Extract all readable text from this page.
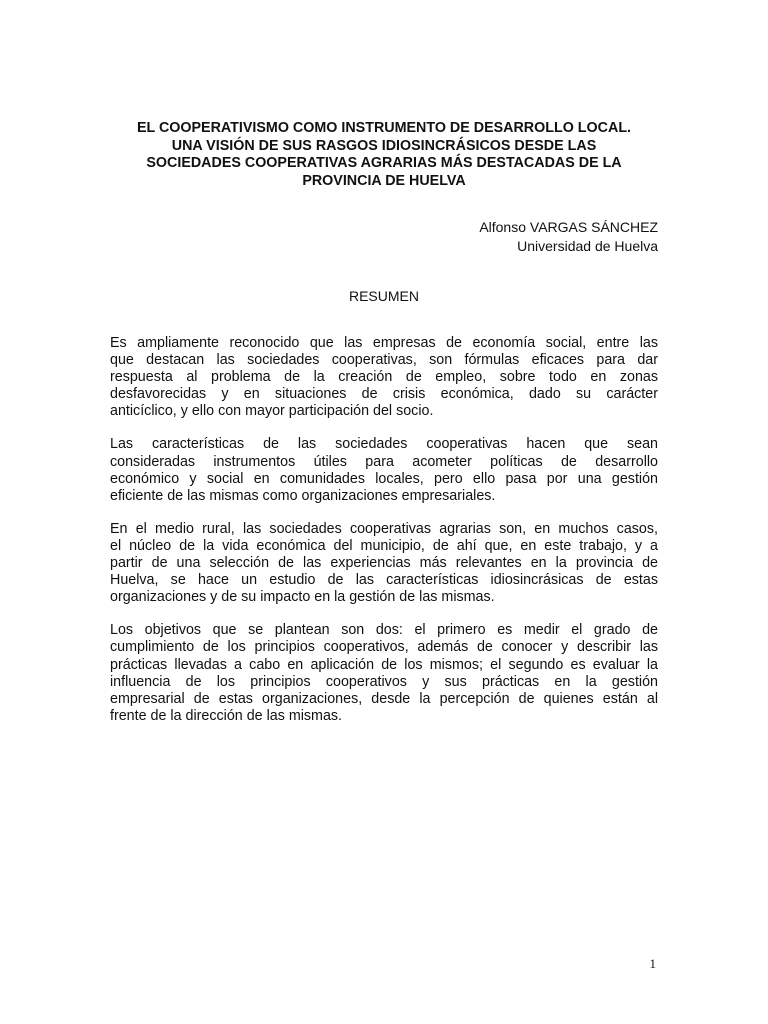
EL COOPERATIVISMO COMO INSTRUMENTO DE DESARROLLO LOCAL.
UNA VISIÓN DE SUS RASGOS IDIOSINCRÁSICOS DESDE LAS
SOCIEDADES COOPERATIVAS AGRARIAS MÁS DESTACADAS DE LA
PROVINCIA DE HUELVA
Alfonso VARGAS SÁNCHEZ
Universidad de Huelva
RESUMEN

Es ampliamente reconocido que las empresas de economía social, entre las
que destacan las sociedades cooperativas, son fórmulas eficaces para dar
respuesta al problema de la creación de empleo, sobre todo en zonas
desfavorecidas y en situaciones de crisis económica, dado su carácter
anticíclico, y ello con mayor participación del socio.

Las características de las sociedades cooperativas hacen que sean
consideradas instrumentos útiles para acometer políticas de desarrollo
económico y social en comunidades locales, pero ello pasa por una gestión
eficiente de las mismas como organizaciones empresariales.

En el medio rural, las sociedades cooperativas agrarias son, en muchos casos,
el núcleo de la vida económica del municipio, de ahí que, en este trabajo, y a
partir de una selección de las experiencias más relevantes en la provincia de
Huelva, se hace un estudio de las características idiosincrásicas de estas
organizaciones y de su impacto en la gestión de las mismas.

Los objetivos que se plantean son dos: el primero es medir el grado de
cumplimiento de los principios cooperativos, además de conocer y describir las
prácticas llevadas a cabo en aplicación de los mismos; el segundo es evaluar la
influencia de los principios cooperativos y sus prácticas en la gestión
empresarial de estas organizaciones, desde la percepción de quienes están al
frente de la dirección de las mismas.

1
